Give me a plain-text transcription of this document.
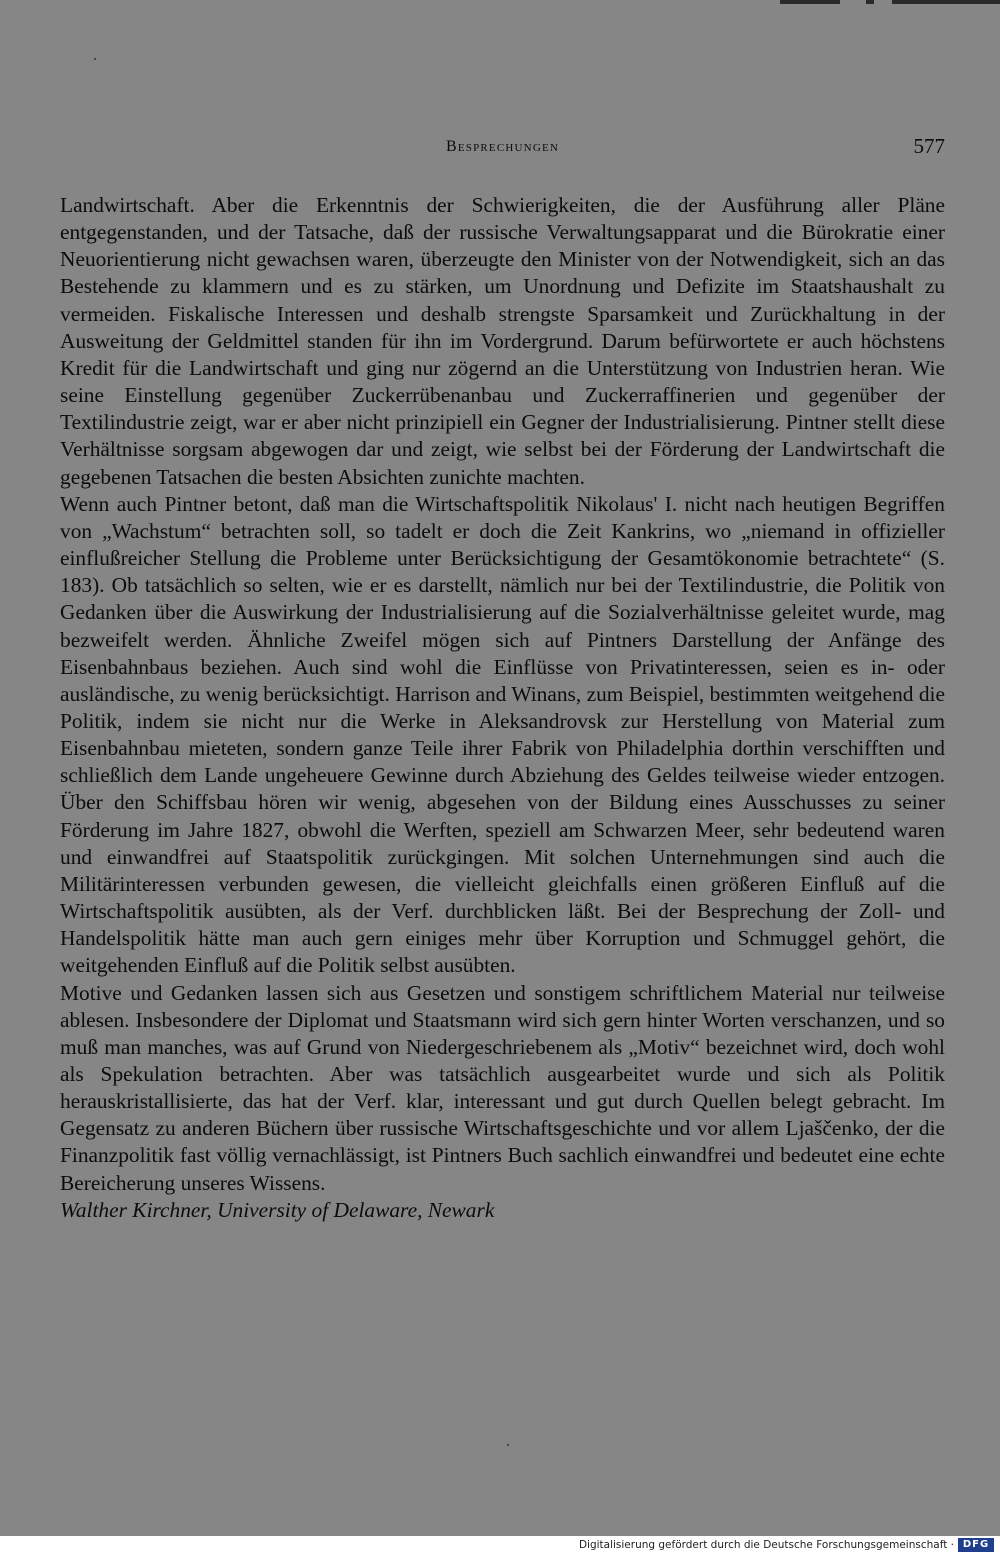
Besprechungen	577

Landwirtschaft. Aber die Erkenntnis der Schwierigkeiten, die der Ausführung aller Pläne entgegenstanden, und der Tatsache, daß der russische Verwaltungsapparat und die Bürokratie einer Neuorientierung nicht gewachsen waren, überzeugte den Minister von der Notwendigkeit, sich an das Bestehende zu klammern und es zu stärken, um Unordnung und Defizite im Staatshaushalt zu vermeiden. Fiskalische Interessen und deshalb strengste Sparsamkeit und Zurückhaltung in der Ausweitung der Geldmittel standen für ihn im Vordergrund. Darum befürwortete er auch höchstens Kredit für die Landwirtschaft und ging nur zögernd an die Unterstützung von Industrien heran. Wie seine Einstellung gegenüber Zuckerrübenanbau und Zuckerraffinerien und gegenüber der Textilindustrie zeigt, war er aber nicht prinzipiell ein Gegner der Industrialisierung. Pintner stellt diese Verhältnisse sorgsam abgewogen dar und zeigt, wie selbst bei der Förderung der Landwirtschaft die gegebenen Tatsachen die besten Absichten zunichte machten.

Wenn auch Pintner betont, daß man die Wirtschaftspolitik Nikolaus' I. nicht nach heutigen Begriffen von „Wachstum“ betrachten soll, so tadelt er doch die Zeit Kankrins, wo „niemand in offizieller einflußreicher Stellung die Probleme unter Berücksichtigung der Gesamtökonomie betrachtete“ (S. 183). Ob tatsächlich so selten, wie er es darstellt, nämlich nur bei der Textilindustrie, die Politik von Gedanken über die Auswirkung der Industrialisierung auf die Sozialverhältnisse geleitet wurde, mag bezweifelt werden. Ähnliche Zweifel mögen sich auf Pintners Darstellung der Anfänge des Eisenbahnbaus beziehen. Auch sind wohl die Einflüsse von Privatinteressen, seien es in- oder ausländische, zu wenig berücksichtigt. Harrison and Winans, zum Beispiel, bestimmten weitgehend die Politik, indem sie nicht nur die Werke in Aleksandrovsk zur Herstellung von Material zum Eisenbahnbau mieteten, sondern ganze Teile ihrer Fabrik von Philadelphia dorthin verschifften und schließlich dem Lande ungeheuere Gewinne durch Abziehung des Geldes teilweise wieder entzogen. Über den Schiffsbau hören wir wenig, abgesehen von der Bildung eines Ausschusses zu seiner Förderung im Jahre 1827, obwohl die Werften, speziell am Schwarzen Meer, sehr bedeutend waren und einwandfrei auf Staatspolitik zurückgingen. Mit solchen Unternehmungen sind auch die Militärinteressen verbunden gewesen, die vielleicht gleichfalls einen größeren Einfluß auf die Wirtschaftspolitik ausübten, als der Verf. durchblicken läßt. Bei der Besprechung der Zoll- und Handelspolitik hätte man auch gern einiges mehr über Korruption und Schmuggel gehört, die weitgehenden Einfluß auf die Politik selbst ausübten.

Motive und Gedanken lassen sich aus Gesetzen und sonstigem schriftlichem Material nur teilweise ablesen. Insbesondere der Diplomat und Staatsmann wird sich gern hinter Worten verschanzen, und so muß man manches, was auf Grund von Niedergeschriebenem als „Motiv“ bezeichnet wird, doch wohl als Spekulation betrachten. Aber was tatsächlich ausgearbeitet wurde und sich als Politik herauskristallisierte, das hat der Verf. klar, interessant und gut durch Quellen belegt gebracht. Im Gegensatz zu anderen Büchern über russische Wirtschaftsgeschichte und vor allem Ljaščenko, der die Finanzpolitik fast völlig vernachlässigt, ist Pintners Buch sachlich einwandfrei und bedeutet eine echte Bereicherung unseres Wissens.

Walther Kirchner, University of Delaware, Newark

Digitalisierung gefördert durch die Deutsche Forschungsgemeinschaft · DFG
